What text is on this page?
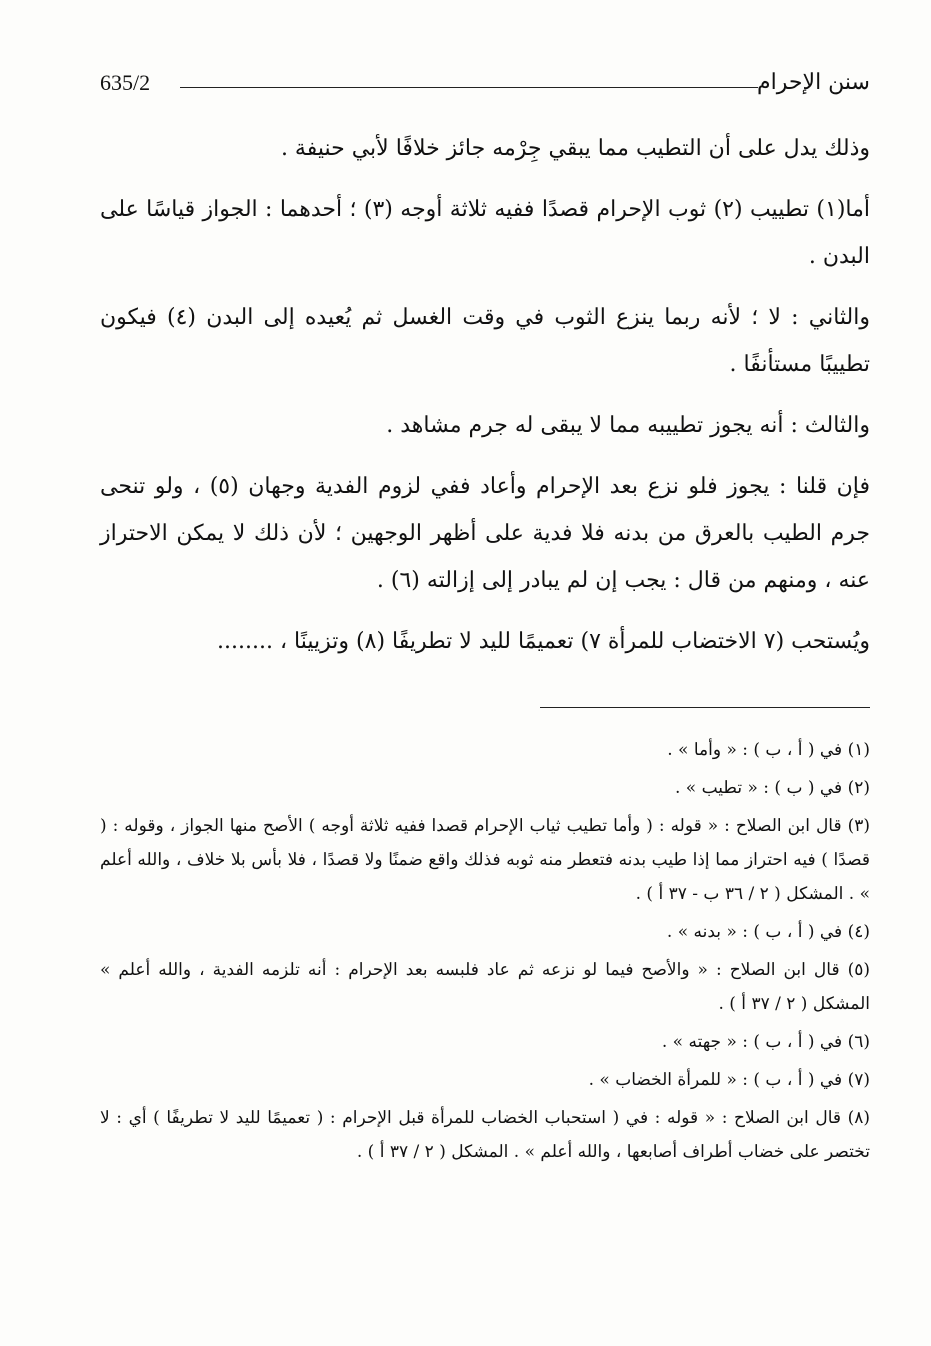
سنن الإحرام
635/2

وذلك يدل على أن التطيب مما يبقي جِرْمه جائز خلافًا لأبي حنيفة .

أما(١) تطييب (٢) ثوب الإحرام قصدًا ففيه ثلاثة أوجه (٣) ؛ أحدهما : الجواز قياسًا على البدن .

والثاني : لا ؛ لأنه ربما ينزع الثوب في وقت الغسل ثم يُعيده إلى البدن (٤) فيكون تطييبًا مستأنفًا .

والثالث : أنه يجوز تطييبه مما لا يبقى له جرم مشاهد .

فإن قلنا : يجوز فلو نزع بعد الإحرام وأعاد ففي لزوم الفدية وجهان (٥) ، ولو تنحى جرم الطيب بالعرق من بدنه فلا فدية على أظهر الوجهين ؛ لأن ذلك لا يمكن الاحتراز عنه ، ومنهم من قال : يجب إن لم يبادر إلى إزالته (٦) .

ويُستحب (٧ الاختضاب للمرأة ٧) تعميمًا لليد لا تطريفًا (٨) وتزيينًا ، ........

(١) في ( أ ، ب ) : « وأما » .

(٢) في ( ب ) : « تطيب » .

(٣) قال ابن الصلاح : « قوله : ( وأما تطيب ثياب الإحرام قصدا ففيه ثلاثة أوجه ) الأصح منها الجواز ، وقوله : ( قصدًا ) فيه احتراز مما إذا طيب بدنه فتعطر منه ثوبه فذلك واقع ضمنًا ولا قصدًا ، فلا بأس بلا خلاف ، والله أعلم » . المشكل ( ٢ / ٣٦ ب - ٣٧ أ ) .

(٤) في ( أ ، ب ) : « بدنه » .

(٥) قال ابن الصلاح : « والأصح فيما لو نزعه ثم عاد فلبسه بعد الإحرام : أنه تلزمه الفدية ، والله أعلم » المشكل ( ٢ / ٣٧ أ ) .

(٦) في ( أ ، ب ) : « جهته » .

(٧) في ( أ ، ب ) : « للمرأة الخضاب » .

(٨) قال ابن الصلاح : « قوله : في ( استحباب الخضاب للمرأة قبل الإحرام : ( تعميمًا لليد لا تطريفًا ) أي : لا تختصر على خضاب أطراف أصابعها ، والله أعلم » . المشكل ( ٢ / ٣٧ أ ) .
